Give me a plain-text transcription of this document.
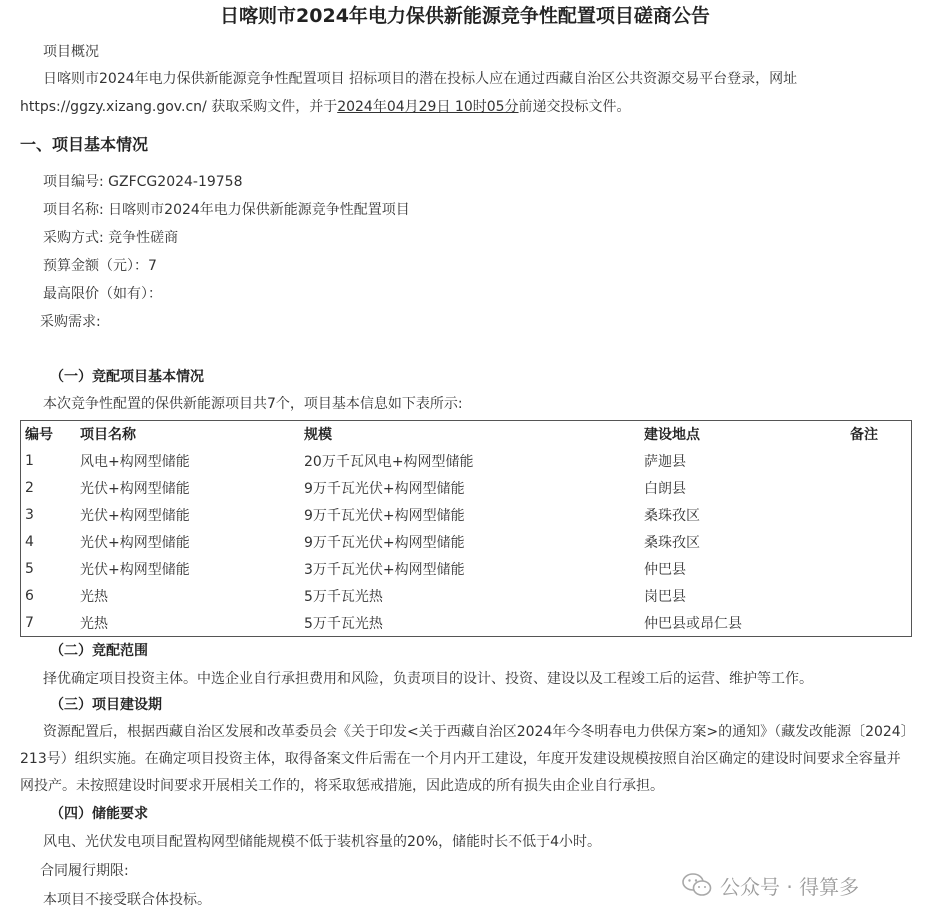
日喀则市2024年电力保供新能源竞争性配置项目磋商公告
项目概况
日喀则市2024年电力保供新能源竞争性配置项目 招标项目的潜在投标人应在通过西藏自治区公共资源交易平台登录，网址
https://ggzy.xizang.gov.cn/ 获取采购文件，并于2024年04月29日 10时05分前递交投标文件。
一、项目基本情况
项目编号: GZFCG2024-19758
项目名称: 日喀则市2024年电力保供新能源竞争性配置项目
采购方式: 竞争性磋商
预算金额（元）：7
最高限价（如有）：
采购需求:
（一）竞配项目基本情况
本次竞争性配置的保供新能源项目共7个，项目基本信息如下表所示:
编号	项目名称	规模	建设地点	备注
1	风电+构网型储能	20万千瓦风电+构网型储能	萨迦县	
2	光伏+构网型储能	9万千瓦光伏+构网型储能	白朗县	
3	光伏+构网型储能	9万千瓦光伏+构网型储能	桑珠孜区	
4	光伏+构网型储能	9万千瓦光伏+构网型储能	桑珠孜区	
5	光伏+构网型储能	3万千瓦光伏+构网型储能	仲巴县	
6	光热	5万千瓦光热	岗巴县	
7	光热	5万千瓦光热	仲巴县或昂仁县	
（二）竞配范围
择优确定项目投资主体。中选企业自行承担费用和风险，负责项目的设计、投资、建设以及工程竣工后的运营、维护等工作。
（三）项目建设期
资源配置后，根据西藏自治区发展和改革委员会《关于印发<关于西藏自治区2024年今冬明春电力供保方案>的通知》（藏发改能源〔2024〕213号）组织实施。在确定项目投资主体，取得备案文件后需在一个月内开工建设，年度开发建设规模按照自治区确定的建设时间要求全容量并网投产。未按照建设时间要求开展相关工作的，将采取惩戒措施，因此造成的所有损失由企业自行承担。
（四）储能要求
风电、光伏发电项目配置构网型储能规模不低于装机容量的20%，储能时长不低于4小时。
合同履行期限:
本项目不接受联合体投标。
公众号 · 得算多
